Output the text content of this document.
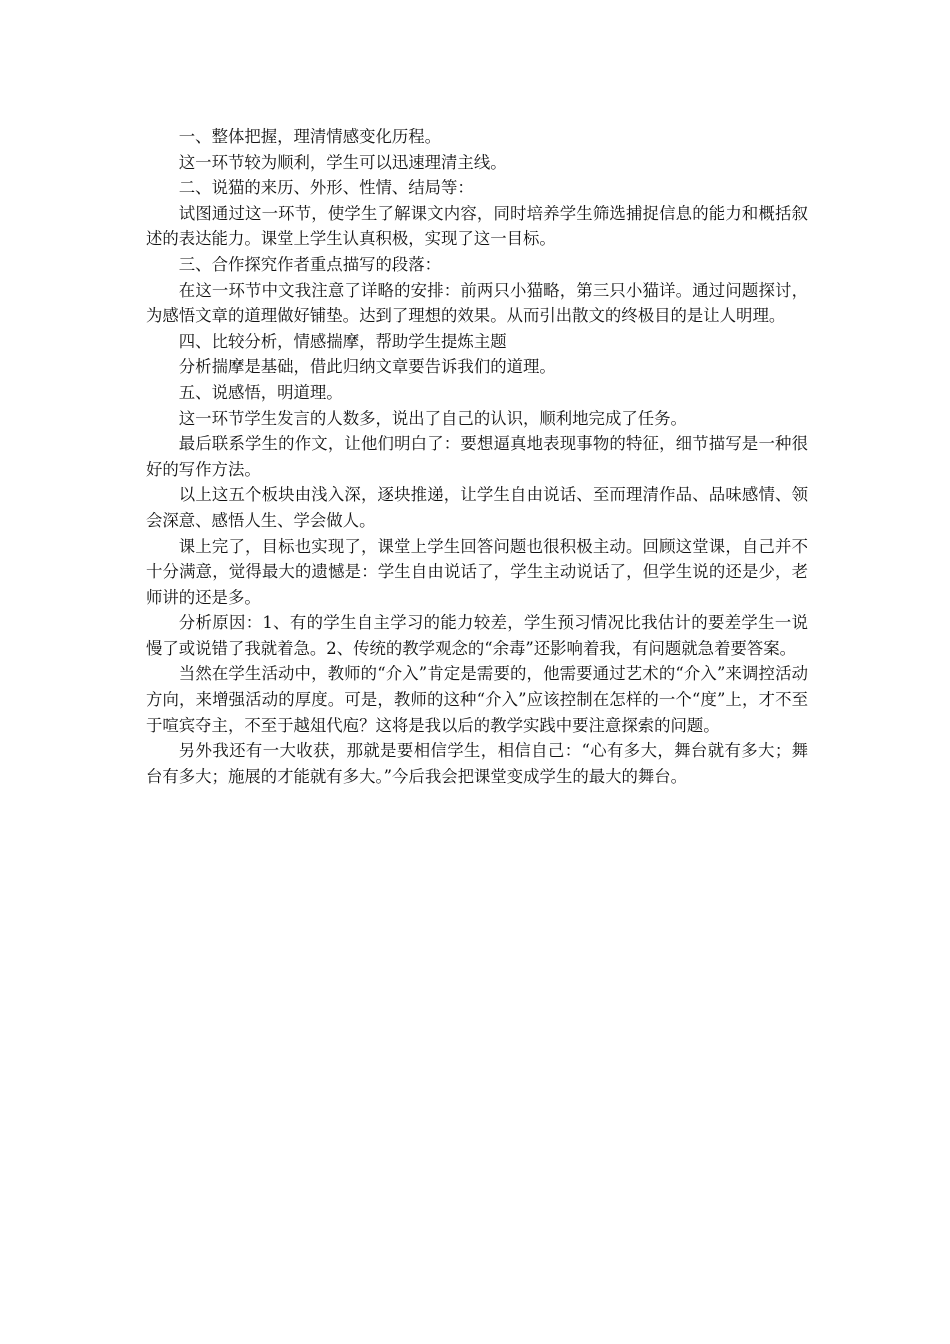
一、整体把握，理清情感变化历程。

这一环节较为顺利，学生可以迅速理清主线。

二、说猫的来历、外形、性情、结局等：

试图通过这一环节，使学生了解课文内容，同时培养学生筛选捕捉信息的能力和概括叙述的表达能力。课堂上学生认真积极，实现了这一目标。

三、合作探究作者重点描写的段落：

在这一环节中文我注意了详略的安排：前两只小猫略，第三只小猫详。通过问题探讨，为感悟文章的道理做好铺垫。达到了理想的效果。从而引出散文的终极目的是让人明理。

四、比较分析，情感揣摩，帮助学生提炼主题

分析揣摩是基础，借此归纳文章要告诉我们的道理。

五、说感悟，明道理。

这一环节学生发言的人数多，说出了自己的认识，顺利地完成了任务。

最后联系学生的作文，让他们明白了：要想逼真地表现事物的特征，细节描写是一种很好的写作方法。

以上这五个板块由浅入深，逐块推递，让学生自由说话、至而理清作品、品味感情、领会深意、感悟人生、学会做人。

课上完了，目标也实现了，课堂上学生回答问题也很积极主动。回顾这堂课，自己并不十分满意，觉得最大的遗憾是：学生自由说话了，学生主动说话了，但学生说的还是少，老师讲的还是多。

分析原因：1、有的学生自主学习的能力较差，学生预习情况比我估计的要差学生一说慢了或说错了我就着急。2、传统的教学观念的“余毒”还影响着我，有问题就急着要答案。

当然在学生活动中，教师的“介入”肯定是需要的，他需要通过艺术的“介入”来调控活动方向，来增强活动的厚度。可是，教师的这种“介入”应该控制在怎样的一个“度”上，才不至于喧宾夺主，不至于越俎代庖？这将是我以后的教学实践中要注意探索的问题。

另外我还有一大收获，那就是要相信学生，相信自己：“心有多大，舞台就有多大；舞台有多大；施展的才能就有多大。”今后我会把课堂变成学生的最大的舞台。
